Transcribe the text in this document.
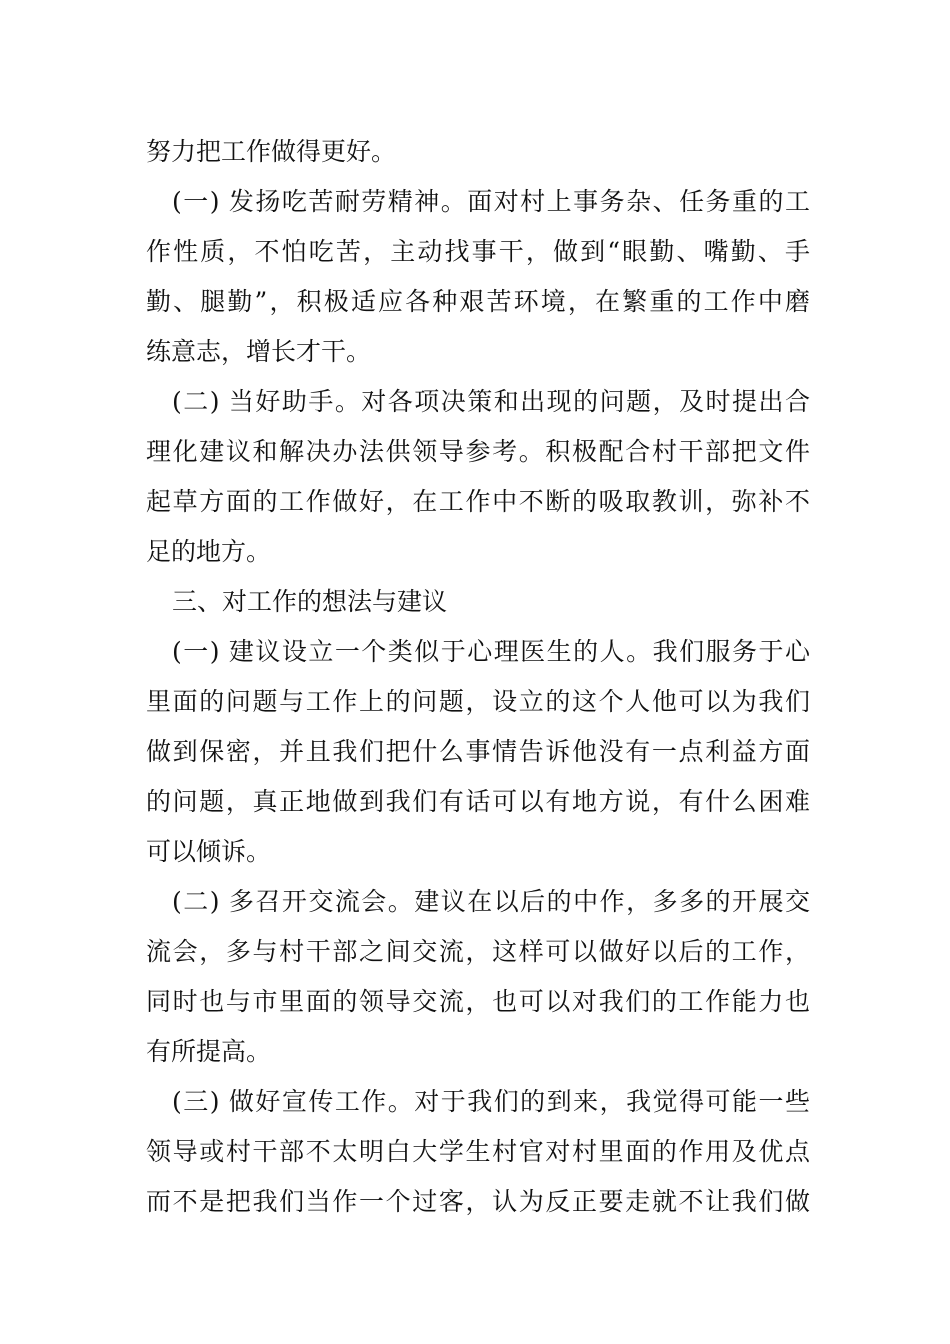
努力把工作做得更好。
(一) 发扬吃苦耐劳精神。面对村上事务杂、任务重的工
作性质，不怕吃苦，主动找事干，做到“眼勤、嘴勤、手
勤、腿勤”，积极适应各种艰苦环境，在繁重的工作中磨
练意志，增长才干。
(二) 当好助手。对各项决策和出现的问题，及时提出合
理化建议和解决办法供领导参考。积极配合村干部把文件
起草方面的工作做好，在工作中不断的吸取教训，弥补不
足的地方。
三、对工作的想法与建议
(一) 建议设立一个类似于心理医生的人。我们服务于心
里面的问题与工作上的问题，设立的这个人他可以为我们
做到保密，并且我们把什么事情告诉他没有一点利益方面
的问题，真正地做到我们有话可以有地方说，有什么困难
可以倾诉。
(二) 多召开交流会。建议在以后的中作，多多的开展交
流会，多与村干部之间交流，这样可以做好以后的工作，
同时也与市里面的领导交流，也可以对我们的工作能力也
有所提高。
(三) 做好宣传工作。对于我们的到来，我觉得可能一些
领导或村干部不太明白大学生村官对村里面的作用及优点
而不是把我们当作一个过客，认为反正要走就不让我们做
